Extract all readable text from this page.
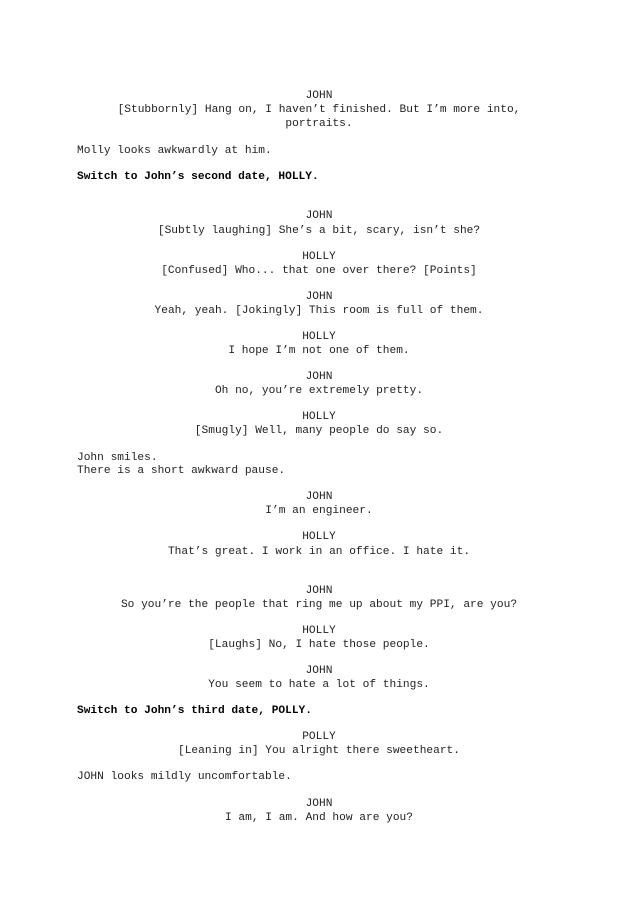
JOHN
[Stubbornly] Hang on, I haven’t finished. But I’m more into,
portraits.
Molly looks awkwardly at him.
Switch to John’s second date, HOLLY.
JOHN
[Subtly laughing] She’s a bit, scary, isn’t she?
HOLLY
[Confused] Who... that one over there? [Points]
JOHN
Yeah, yeah. [Jokingly] This room is full of them.
HOLLY
I hope I’m not one of them.
JOHN
Oh no, you’re extremely pretty.
HOLLY
[Smugly] Well, many people do say so.
John smiles.
There is a short awkward pause.
JOHN
I’m an engineer.
HOLLY
That’s great. I work in an office. I hate it.
JOHN
So you’re the people that ring me up about my PPI, are you?
HOLLY
[Laughs] No, I hate those people.
JOHN
You seem to hate a lot of things.
Switch to John’s third date, POLLY.
POLLY
[Leaning in] You alright there sweetheart.
JOHN looks mildly uncomfortable.
JOHN
I am, I am. And how are you?
